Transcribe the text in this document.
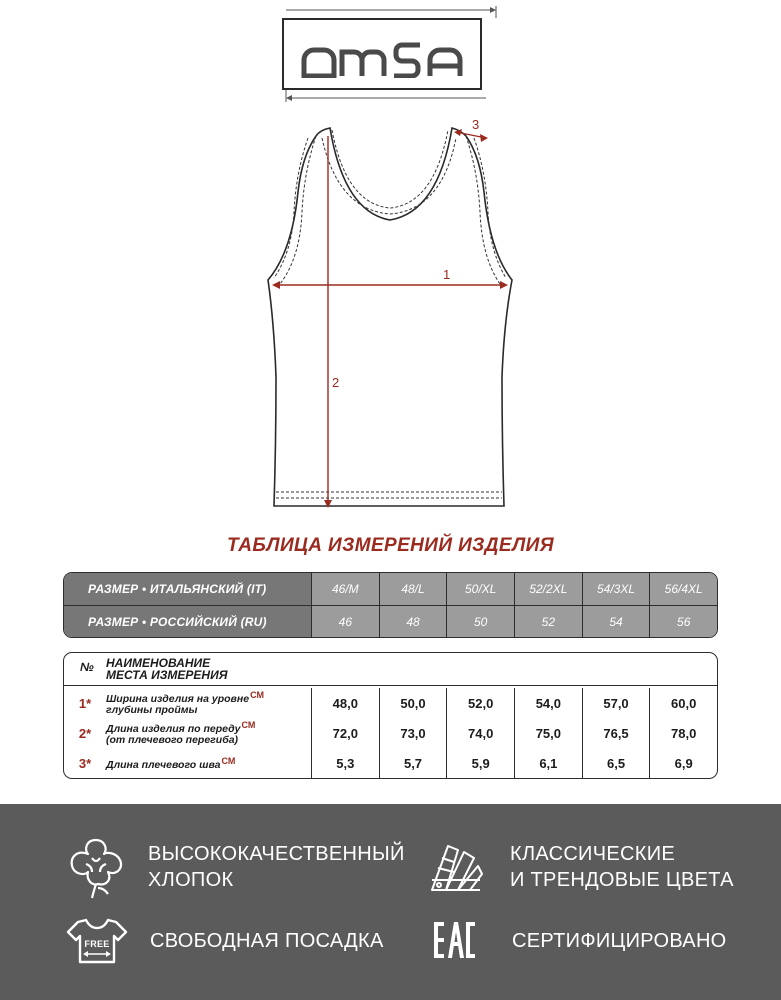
1
2
3
ТАБЛИЦА ИЗМЕРЕНИЙ ИЗДЕЛИЯ
РАЗМЕР • ИТАЛЬЯНСКИЙ (IT)	46/M	48/L	50/XL	52/2XL	54/3XL	56/4XL
РАЗМЕР • РОССИЙСКИЙ (RU)	46	48	50	52	54	56
№	НАИМЕНОВАНИЕ
МЕСТА ИЗМЕРЕНИЯ
1*	Ширина изделия на уровне$^{СМ}$
глубины проймы	48,0	50,0	52,0	54,0	57,0	60,0
2*	Длина изделия по переду$^{СМ}$
(от плечевого перегиба)	72,0	73,0	74,0	75,0	76,5	78,0
3*	Длина плечевого шва$^{СМ}$	5,3	5,7	5,9	6,1	6,5	6,9
ВЫСОКОКАЧЕСТВЕННЫЙ
ХЛОПОК
КЛАССИЧЕСКИЕ
И ТРЕНДОВЫЕ ЦВЕТА
FREE СВОБОДНАЯ ПОСАДКА	СЕРТИФИЦИРОВАНО
